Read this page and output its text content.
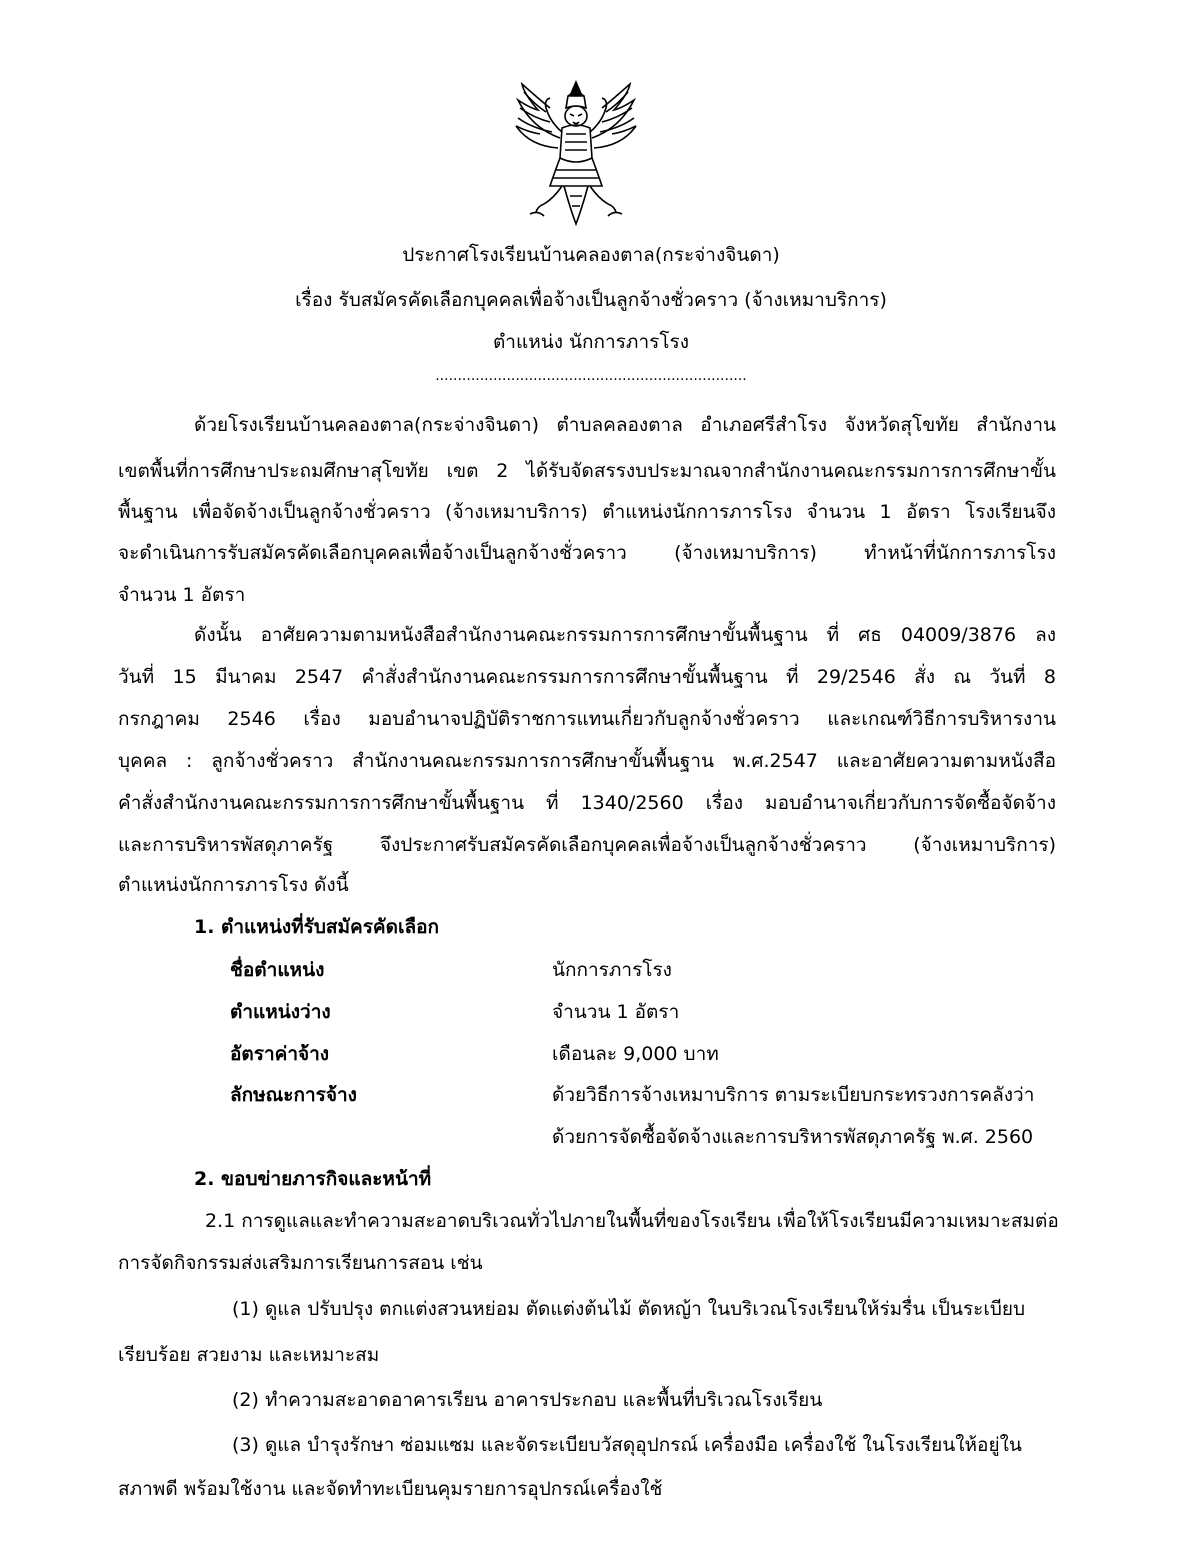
ประกาศโรงเรียนบ้านคลองตาล(กระจ่างจินดา)
เรื่อง รับสมัครคัดเลือกบุคคลเพื่อจ้างเป็นลูกจ้างชั่วคราว (จ้างเหมาบริการ)
ตำแหน่ง นักการภารโรง
......................................................................
ด้วยโรงเรียนบ้านคลองตาล(กระจ่างจินดา) ตำบลคลองตาล อำเภอศรีสำโรง จังหวัดสุโขทัย สำนักงาน
เขตพื้นที่การศึกษาประถมศึกษาสุโขทัย เขต 2 ได้รับจัดสรรงบประมาณจากสำนักงานคณะกรรมการการศึกษาขั้น
พื้นฐาน เพื่อจัดจ้างเป็นลูกจ้างชั่วคราว (จ้างเหมาบริการ) ตำแหน่งนักการภารโรง จำนวน 1 อัตรา โรงเรียนจึง
จะดำเนินการรับสมัครคัดเลือกบุคคลเพื่อจ้างเป็นลูกจ้างชั่วคราว (จ้างเหมาบริการ) ทำหน้าที่นักการภารโรง
จำนวน 1 อัตรา
ดังนั้น อาศัยความตามหนังสือสำนักงานคณะกรรมการการศึกษาขั้นพื้นฐาน ที่ ศธ 04009/3876 ลง
วันที่ 15 มีนาคม 2547 คำสั่งสำนักงานคณะกรรมการการศึกษาขั้นพื้นฐาน ที่ 29/2546 สั่ง ณ วันที่ 8
กรกฎาคม 2546 เรื่อง มอบอำนาจปฏิบัติราชการแทนเกี่ยวกับลูกจ้างชั่วคราว และเกณฑ์วิธีการบริหารงาน
บุคคล : ลูกจ้างชั่วคราว สำนักงานคณะกรรมการการศึกษาขั้นพื้นฐาน พ.ศ.2547 และอาศัยความตามหนังสือ
คำสั่งสำนักงานคณะกรรมการการศึกษาขั้นพื้นฐาน ที่ 1340/2560 เรื่อง มอบอำนาจเกี่ยวกับการจัดซื้อจัดจ้าง
และการบริหารพัสดุภาครัฐ จึงประกาศรับสมัครคัดเลือกบุคคลเพื่อจ้างเป็นลูกจ้างชั่วคราว (จ้างเหมาบริการ)
ตำแหน่งนักการภารโรง ดังนี้
1. ตำแหน่งที่รับสมัครคัดเลือก
ชื่อตำแหน่ง	นักการภารโรง
ตำแหน่งว่าง	จำนวน 1 อัตรา
อัตราค่าจ้าง	เดือนละ 9,000 บาท
ลักษณะการจ้าง	ด้วยวิธีการจ้างเหมาบริการ ตามระเบียบกระทรวงการคลังว่า
ด้วยการจัดซื้อจัดจ้างและการบริหารพัสดุภาครัฐ พ.ศ. 2560
2. ขอบข่ายภารกิจและหน้าที่
2.1 การดูแลและทำความสะอาดบริเวณทั่วไปภายในพื้นที่ของโรงเรียน เพื่อให้โรงเรียนมีความเหมาะสมต่อ
การจัดกิจกรรมส่งเสริมการเรียนการสอน เช่น
(1) ดูแล ปรับปรุง ตกแต่งสวนหย่อม ตัดแต่งต้นไม้ ตัดหญ้า ในบริเวณโรงเรียนให้ร่มรื่น เป็นระเบียบ
เรียบร้อย สวยงาม และเหมาะสม
(2) ทำความสะอาดอาคารเรียน อาคารประกอบ และพื้นที่บริเวณโรงเรียน
(3) ดูแล บำรุงรักษา ซ่อมแซม และจัดระเบียบวัสดุอุปกรณ์ เครื่องมือ เครื่องใช้ ในโรงเรียนให้อยู่ใน
สภาพดี พร้อมใช้งาน และจัดทำทะเบียนคุมรายการอุปกรณ์เครื่องใช้
